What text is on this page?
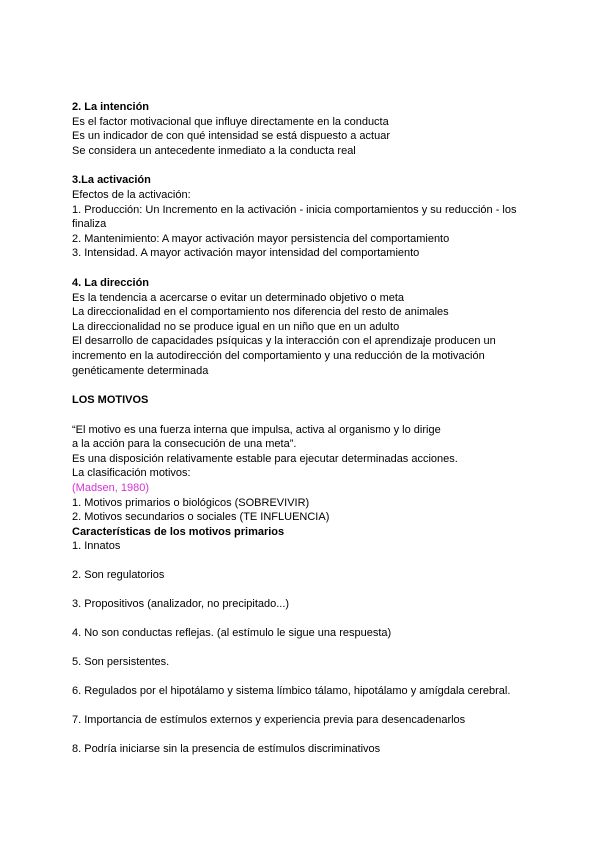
2. La intención
Es el factor motivacional que influye directamente en la conducta
Es un indicador de con qué intensidad se está dispuesto a actuar
Se considera un antecedente inmediato a la conducta real
3.La activación
Efectos de la activación:
1. Producción: Un Incremento en la activación - inicia comportamientos y su reducción - los finaliza
2. Mantenimiento: A mayor activación mayor persistencia del comportamiento
3. Intensidad. A mayor activación mayor intensidad del comportamiento
4. La dirección
Es la tendencia a acercarse o evitar un determinado objetivo o meta
La direccionalidad en el comportamiento nos diferencia del resto de animales
La direccionalidad no se produce igual en un niño que en un adulto
El desarrollo de capacidades psíquicas y la interacción con el aprendizaje producen un incremento en la autodirección del comportamiento y una reducción de la motivación genéticamente determinada
LOS MOTIVOS
“El motivo es una fuerza interna que impulsa, activa al organismo y lo dirige
a la acción para la consecución de una meta”.
Es una disposición relativamente estable para ejecutar determinadas acciones.
La clasificación motivos:
(Madsen, 1980)
1. Motivos primarios o biológicos (SOBREVIVIR)
2. Motivos secundarios o sociales (TE INFLUENCIA)
Características de los motivos primarios
1. Innatos
2. Son regulatorios
3. Propositivos (analizador, no precipitado...)
4. No son conductas reflejas. (al estímulo le sigue una respuesta)
5. Son persistentes.
6. Regulados por el hipotálamo y sistema límbico tálamo, hipotálamo y amígdala cerebral.
7. Importancia de estímulos externos y experiencia previa para desencadenarlos
8. Podría iniciarse sin la presencia de estímulos discriminativos
